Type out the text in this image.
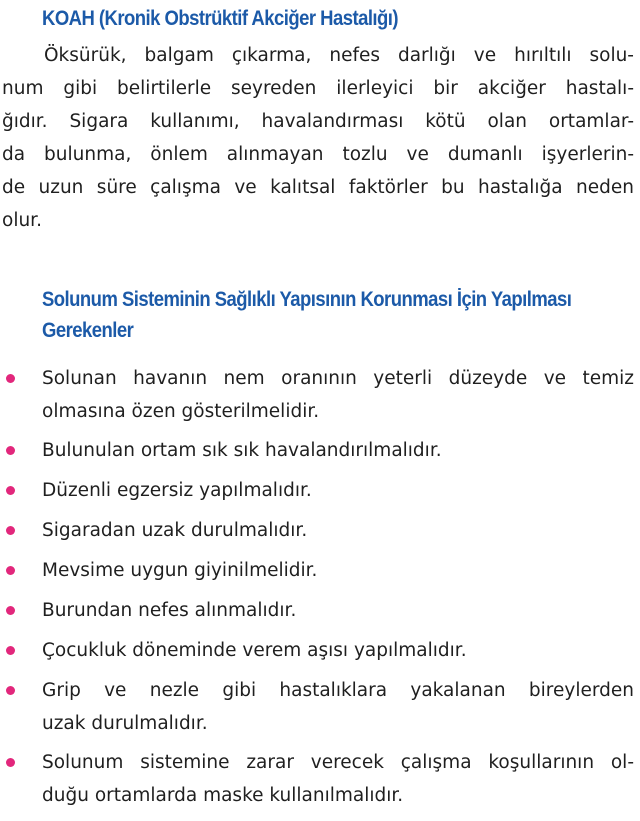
KOAH (Kronik Obstrüktif Akciğer Hastalığı)
Öksürük, balgam çıkarma, nefes darlığı ve hırıltılı solu-
num gibi belirtilerle seyreden ilerleyici bir akciğer hastalı-
ğıdır. Sigara kullanımı, havalandırması kötü olan ortamlar-
da bulunma, önlem alınmayan tozlu ve dumanlı işyerlerin-
de uzun süre çalışma ve kalıtsal faktörler bu hastalığa neden
olur.
Solunum Sisteminin Sağlıklı Yapısının Korunması İçin Yapılması
Gerekenler
Solunan havanın nem oranının yeterli düzeyde ve temiz
olmasına özen gösterilmelidir.
Bulunulan ortam sık sık havalandırılmalıdır.
Düzenli egzersiz yapılmalıdır.
Sigaradan uzak durulmalıdır.
Mevsime uygun giyinilmelidir.
Burundan nefes alınmalıdır.
Çocukluk döneminde verem aşısı yapılmalıdır.
Grip ve nezle gibi hastalıklara yakalanan bireylerden
uzak durulmalıdır.
Solunum sistemine zarar verecek çalışma koşullarının ol-
duğu ortamlarda maske kullanılmalıdır.
